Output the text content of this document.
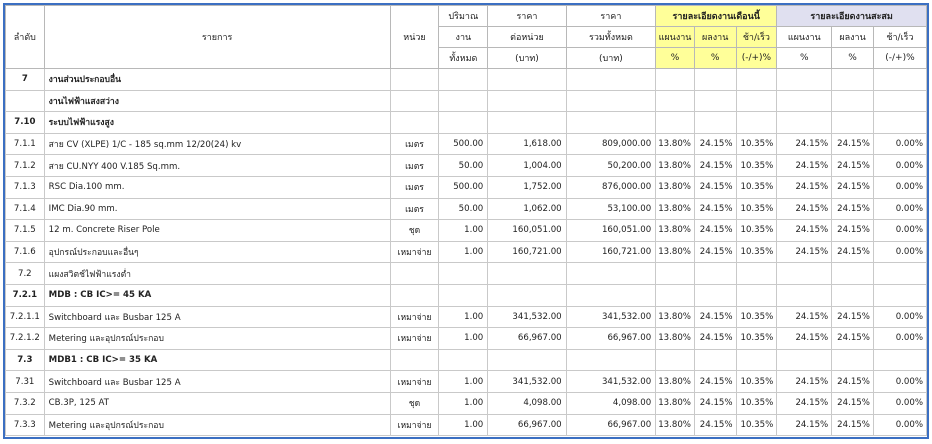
ลำดับ	รายการ	หน่วย	ปริมาณ	ราคา	ราคา	รายละเอียดงานเดือนนี้			รายละเอียดงานสะสม		
			งาน	ต่อหน่วย	รวมทั้งหมด	แผนงาน	ผลงาน	ช้า/เร็ว	แผนงาน	ผลงาน	ช้า/เร็ว
			ทั้งหมด	(บาท)	(บาท)	%	%	(-/+)%	%	%	(-/+)%
7	งานส่วนประกอบอื่น										
	งานไฟฟ้าแสงสว่าง										
7.10	ระบบไฟฟ้าแรงสูง										
7.1.1	สาย CV (XLPE) 1/C - 185 sq.mm 12/20(24) kv	เมตร	500.00	1,618.00	809,000.00	13.80%	24.15%	10.35%	24.15%	24.15%	0.00%
7.1.2	สาย CU.NYY 400 V.185 Sq.mm.	เมตร	50.00	1,004.00	50,200.00	13.80%	24.15%	10.35%	24.15%	24.15%	0.00%
7.1.3	RSC Dia.100 mm.	เมตร	500.00	1,752.00	876,000.00	13.80%	24.15%	10.35%	24.15%	24.15%	0.00%
7.1.4	IMC Dia.90 mm.	เมตร	50.00	1,062.00	53,100.00	13.80%	24.15%	10.35%	24.15%	24.15%	0.00%
7.1.5	12 m. Concrete Riser Pole	ชุด	1.00	160,051.00	160,051.00	13.80%	24.15%	10.35%	24.15%	24.15%	0.00%
7.1.6	อุปกรณ์ประกอบและอื่นๆ	เหมาจ่าย	1.00	160,721.00	160,721.00	13.80%	24.15%	10.35%	24.15%	24.15%	0.00%
7.2	แผงสวิตช์ไฟฟ้าแรงต่ำ										
7.2.1	MDB : CB IC>= 45 KA										
7.2.1.1	Switchboard และ Busbar 125 A	เหมาจ่าย	1.00	341,532.00	341,532.00	13.80%	24.15%	10.35%	24.15%	24.15%	0.00%
7.2.1.2	Metering และอุปกรณ์ประกอบ	เหมาจ่าย	1.00	66,967.00	66,967.00	13.80%	24.15%	10.35%	24.15%	24.15%	0.00%
7.3	MDB1 : CB IC>= 35 KA										
7.31	Switchboard และ Busbar 125 A	เหมาจ่าย	1.00	341,532.00	341,532.00	13.80%	24.15%	10.35%	24.15%	24.15%	0.00%
7.3.2	CB.3P, 125 AT	ชุด	1.00	4,098.00	4,098.00	13.80%	24.15%	10.35%	24.15%	24.15%	0.00%
7.3.3	Metering และอุปกรณ์ประกอบ	เหมาจ่าย	1.00	66,967.00	66,967.00	13.80%	24.15%	10.35%	24.15%	24.15%	0.00%
